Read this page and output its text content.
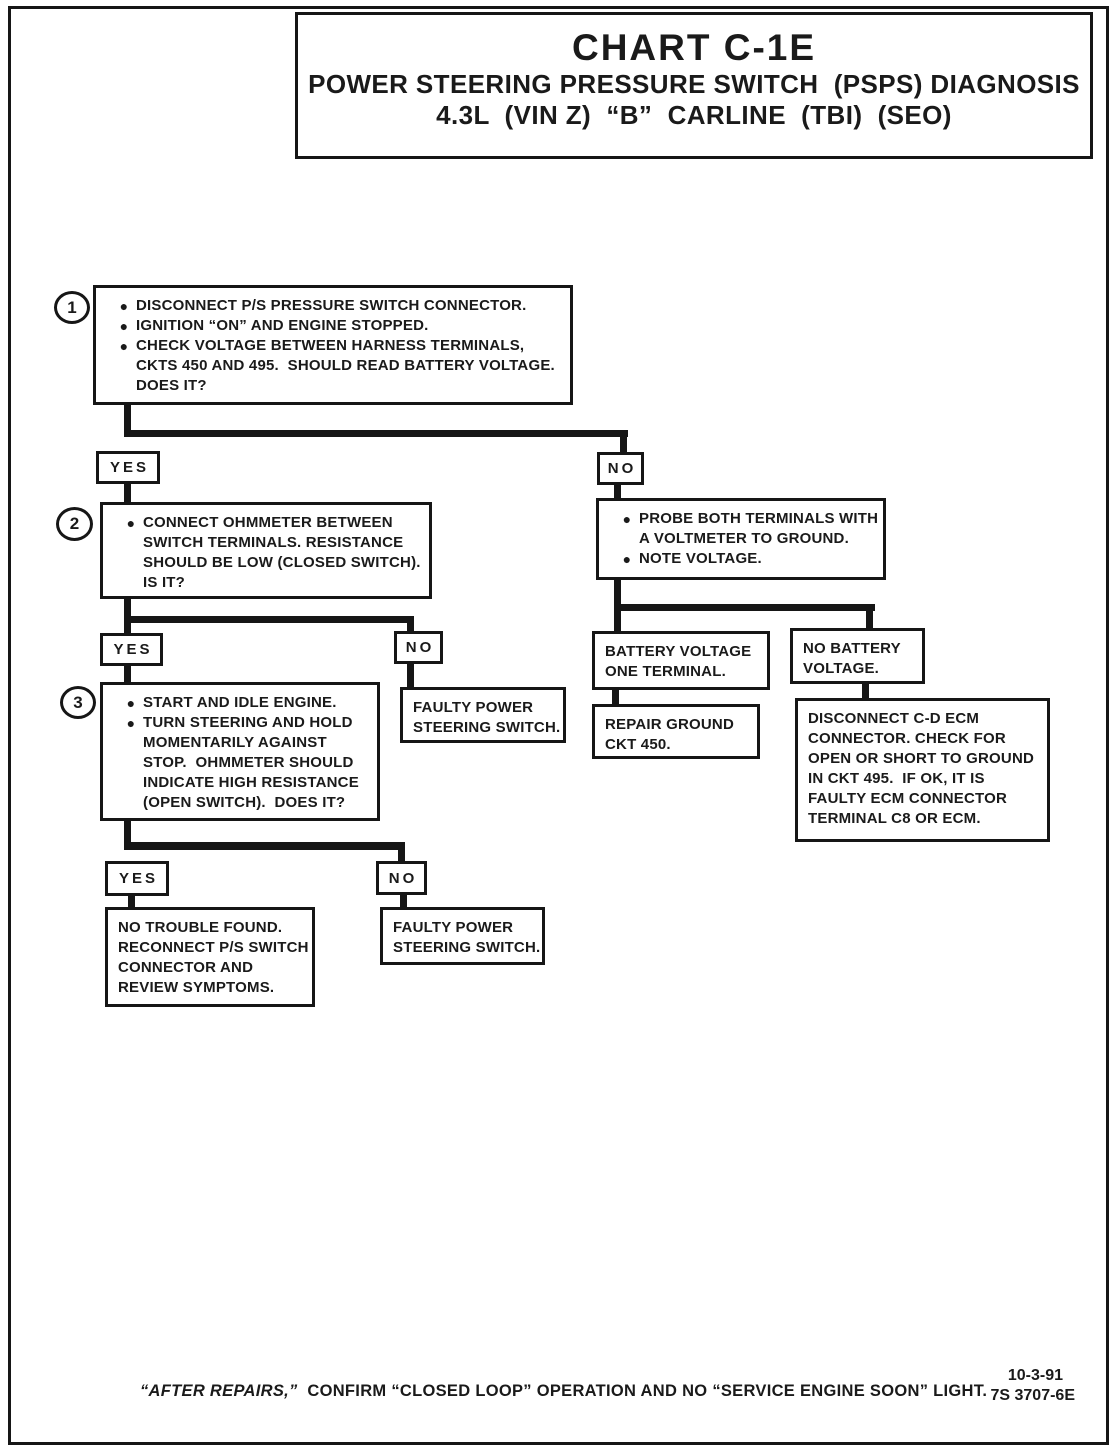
CHART C-1E
POWER STEERING PRESSURE SWITCH  (PSPS) DIAGNOSIS
4.3L  (VIN Z)  “B”  CARLINE  (TBI)  (SEO)
1
2
3
● DISCONNECT P/S PRESSURE SWITCH CONNECTOR.
● IGNITION “ON” AND ENGINE STOPPED.
● CHECK VOLTAGE BETWEEN HARNESS TERMINALS,
CKTS 450 AND 495.  SHOULD READ BATTERY VOLTAGE.
DOES IT?
YES	NO
● CONNECT OHMMETER BETWEEN
SWITCH TERMINALS. RESISTANCE
SHOULD BE LOW (CLOSED SWITCH).
IS IT?
● PROBE BOTH TERMINALS WITH
A VOLTMETER TO GROUND.
● NOTE VOLTAGE.
YES	NO
● START AND IDLE ENGINE.
● TURN STEERING AND HOLD
MOMENTARILY AGAINST
STOP.  OHMMETER SHOULD
INDICATE HIGH RESISTANCE
(OPEN SWITCH).  DOES IT?
FAULTY POWER
STEERING SWITCH.
BATTERY VOLTAGE
ONE TERMINAL.
NO BATTERY
VOLTAGE.
REPAIR GROUND
CKT 450.
DISCONNECT C-D ECM
CONNECTOR. CHECK FOR
OPEN OR SHORT TO GROUND
IN CKT 495.  IF OK, IT IS
FAULTY ECM CONNECTOR
TERMINAL C8 OR ECM.
YES	NO
NO TROUBLE FOUND.
RECONNECT P/S SWITCH
CONNECTOR AND
REVIEW SYMPTOMS.
FAULTY POWER
STEERING SWITCH.
“AFTER REPAIRS,”  CONFIRM “CLOSED LOOP” OPERATION AND NO “SERVICE ENGINE SOON” LIGHT.
10-3-91
7S 3707-6E
